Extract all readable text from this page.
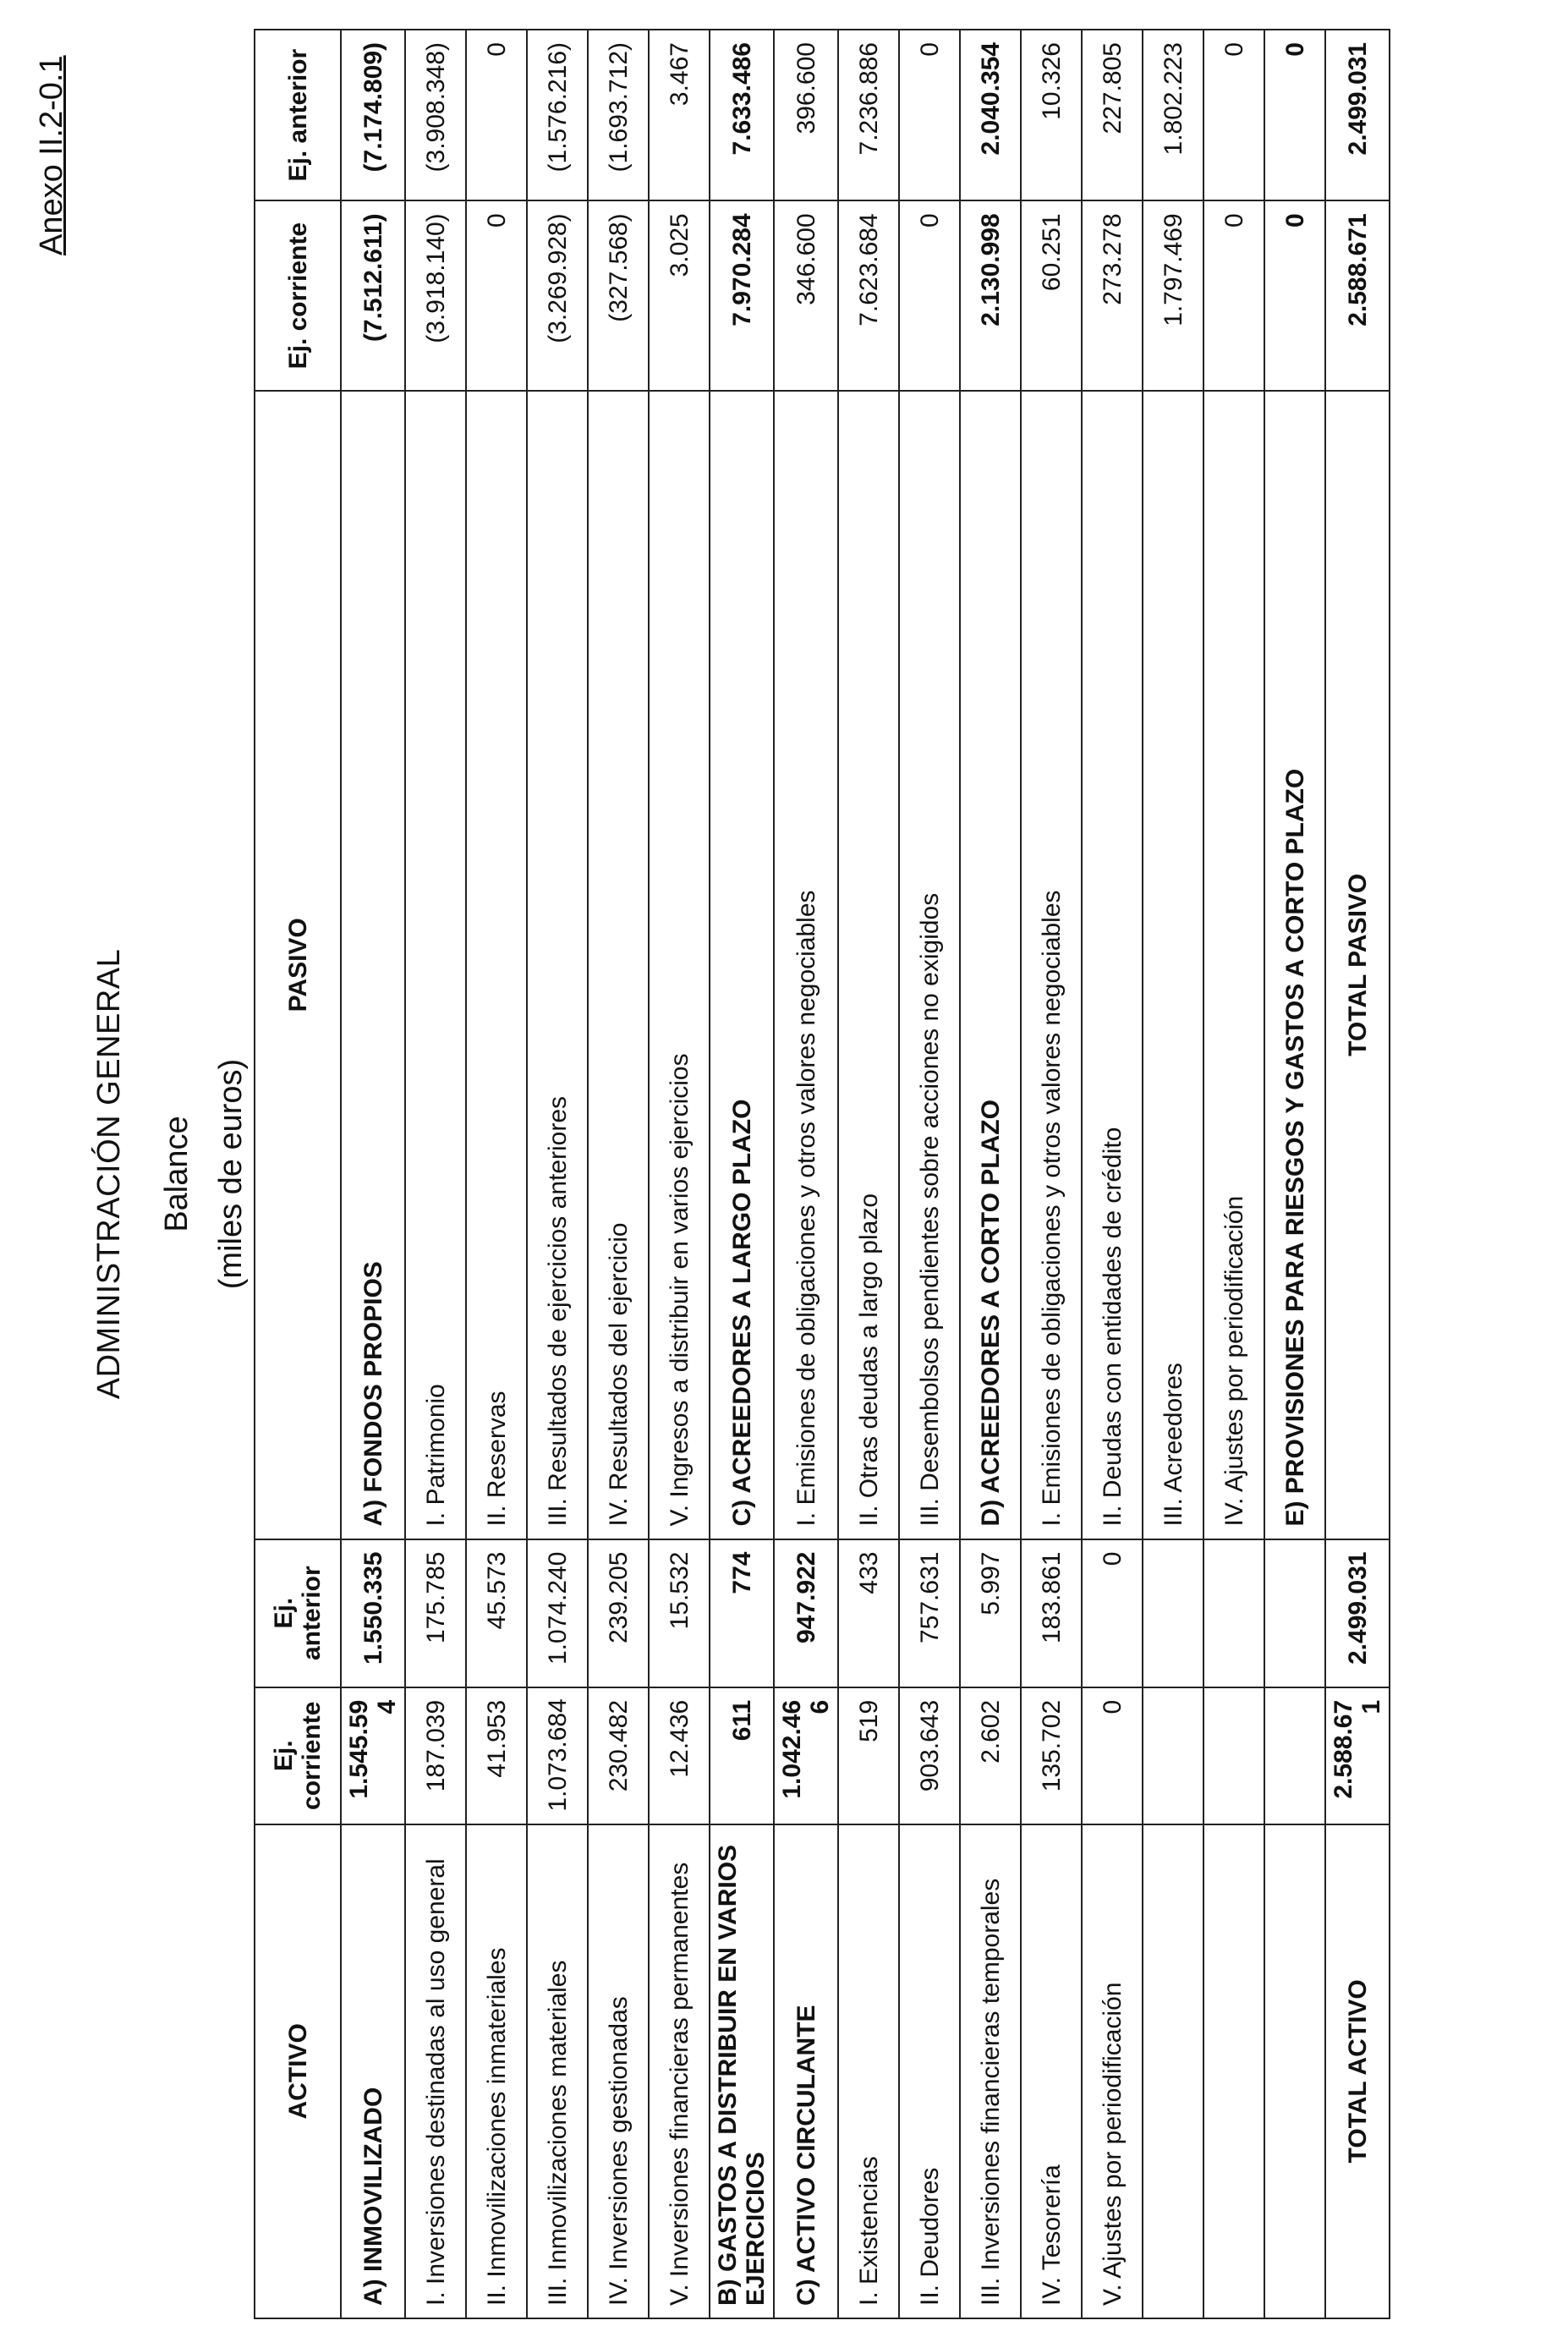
Anexo II.2-0.1
ADMINISTRACIÓN GENERAL Balance (miles de euros)
ACTIVO	Ej. corriente	Ej. anterior	PASIVO	Ej. corriente	Ej. anterior
A) INMOVILIZADO	1.545.594	1.550.335	A) FONDOS PROPIOS	(7.512.611)	(7.174.809)
I. Inversiones destinadas al uso general	187.039	175.785	I. Patrimonio	(3.918.140)	(3.908.348)
II. Inmovilizaciones inmateriales	41.953	45.573	II. Reservas	0	0
III. Inmovilizaciones materiales	1.073.684	1.074.240	III. Resultados de ejercicios anteriores	(3.269.928)	(1.576.216)
IV. Inversiones gestionadas	230.482	239.205	IV. Resultados del ejercicio	(327.568)	(1.693.712)
V. Inversiones financieras permanentes	12.436	15.532	V. Ingresos a distribuir en varios ejercicios	3.025	3.467
B) GASTOS A DISTRIBUIR EN VARIOS EJERCICIOS	611	774	C) ACREEDORES A LARGO PLAZO	7.970.284	7.633.486
C) ACTIVO CIRCULANTE	1.042.466	947.922	I. Emisiones de obligaciones y otros valores negociables	346.600	396.600
I. Existencias	519	433	II. Otras deudas a largo plazo	7.623.684	7.236.886
II. Deudores	903.643	757.631	III. Desembolsos pendientes sobre acciones no exigidos	0	0
III. Inversiones financieras temporales	2.602	5.997	D) ACREEDORES A CORTO PLAZO	2.130.998	2.040.354
IV. Tesorería	135.702	183.861	I. Emisiones de obligaciones y otros valores negociables	60.251	10.326
V. Ajustes por periodificación	0	0	II. Deudas con entidades de crédito	273.278	227.805
			III. Acreedores	1.797.469	1.802.223
			IV. Ajustes por periodificación	0	0
			E) PROVISIONES PARA RIESGOS Y GASTOS A CORTO PLAZO	0	0
TOTAL ACTIVO	2.588.671	2.499.031	TOTAL PASIVO	2.588.671	2.499.031
